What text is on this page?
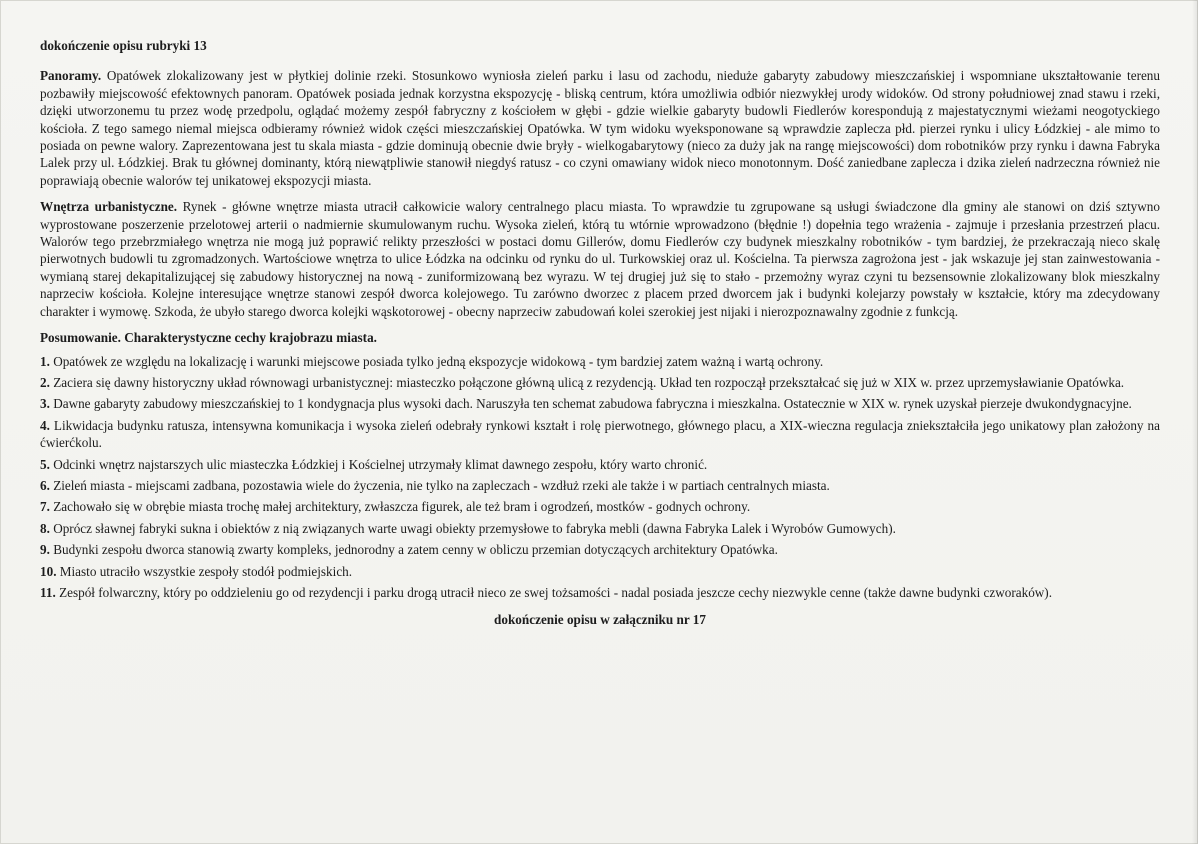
dokończenie opisu rubryki 13

Panoramy. Opatówek zlokalizowany jest w płytkiej dolinie rzeki. Stosunkowo wyniosła zieleń parku i lasu od zachodu, nieduże gabaryty zabudowy mieszczańskiej i wspomniane ukształtowanie terenu pozbawiły miejscowość efektownych panoram. Opatówek posiada jednak korzystna ekspozycję - bliską centrum, która umożliwia odbiór niezwykłej urody widoków. Od strony południowej znad stawu i rzeki, dzięki utworzonemu tu przez wodę przedpolu, oglądać możemy zespół fabryczny z kościołem w głębi - gdzie wielkie gabaryty budowli Fiedlerów korespondują z majestatycznymi wieżami neogotyckiego kościoła. Z tego samego niemal miejsca odbieramy również widok części mieszczańskiej Opatówka. W tym widoku wyeksponowane są wprawdzie zaplecza płd. pierzei rynku i ulicy Łódzkiej - ale mimo to posiada on pewne walory. Zaprezentowana jest tu skala miasta - gdzie dominują obecnie dwie bryły - wielkogabarytowy (nieco za duży jak na rangę miejscowości) dom robotników przy rynku i dawna Fabryka Lalek przy ul. Łódzkiej. Brak tu głównej dominanty, którą niewątpliwie stanowił niegdyś ratusz - co czyni omawiany widok nieco monotonnym. Dość zaniedbane zaplecza i dzika zieleń nadrzeczna również nie poprawiają obecnie walorów tej unikatowej ekspozycji miasta.

Wnętrza urbanistyczne. Rynek - główne wnętrze miasta utracił całkowicie walory centralnego placu miasta. To wprawdzie tu zgrupowane są usługi świadczone dla gminy ale stanowi on dziś sztywno wyprostowane poszerzenie przelotowej arterii o nadmiernie skumulowanym ruchu. Wysoka zieleń, którą tu wtórnie wprowadzono (błędnie !) dopełnia tego wrażenia - zajmuje i przesłania przestrzeń placu. Walorów tego przebrzmiałego wnętrza nie mogą już poprawić relikty przeszłości w postaci domu Gillerów, domu Fiedlerów czy budynek mieszkalny robotników - tym bardziej, że przekraczają nieco skalę pierwotnych budowli tu zgromadzonych. Wartościowe wnętrza to ulice Łódzka na odcinku od rynku do ul. Turkowskiej oraz ul. Kościelna. Ta pierwsza zagrożona jest - jak wskazuje jej stan zainwestowania - wymianą starej dekapitalizującej się zabudowy historycznej na nową - zuniformizowaną bez wyrazu. W tej drugiej już się to stało - przemożny wyraz czyni tu bezsensownie zlokalizowany blok mieszkalny naprzeciw kościoła. Kolejne interesujące wnętrze stanowi zespół dworca kolejowego. Tu zarówno dworzec z placem przed dworcem jak i budynki kolejarzy powstały w kształcie, który ma zdecydowany charakter i wymowę. Szkoda, że ubyło starego dworca kolejki wąskotorowej - obecny naprzeciw zabudowań kolei szerokiej jest nijaki i nierozpoznawalny zgodnie z funkcją.

Posumowanie. Charakterystyczne cechy krajobrazu miasta.
1. Opatówek ze względu na lokalizację i warunki miejscowe posiada tylko jedną ekspozycje widokową - tym bardziej zatem ważną i wartą ochrony.
2. Zaciera się dawny historyczny układ równowagi urbanistycznej: miasteczko połączone główną ulicą z rezydencją. Układ ten rozpoczął przekształcać się już w XIX w. przez uprzemysławianie Opatówka.
3. Dawne gabaryty zabudowy mieszczańskiej to 1 kondygnacja plus wysoki dach. Naruszyła ten schemat zabudowa fabryczna i mieszkalna. Ostatecznie w XIX w. rynek uzyskał pierzeje dwukondygnacyjne.
4. Likwidacja budynku ratusza, intensywna komunikacja i wysoka zieleń odebrały rynkowi kształt i rolę pierwotnego, głównego placu, a XIX-wieczna regulacja zniekształciła jego unikatowy plan założony na ćwierćkolu.
5. Odcinki wnętrz najstarszych ulic miasteczka Łódzkiej i Kościelnej utrzymały klimat dawnego zespołu, który warto chronić.
6. Zieleń miasta - miejscami zadbana, pozostawia wiele do życzenia, nie tylko na zapleczach - wzdłuż rzeki ale także i w partiach centralnych miasta.
7. Zachowało się w obrębie miasta trochę małej architektury, zwłaszcza figurek, ale też bram i ogrodzeń, mostków - godnych ochrony.
8. Oprócz sławnej fabryki sukna i obiektów z nią związanych warte uwagi obiekty przemysłowe to fabryka mebli (dawna Fabryka Lalek i Wyrobów Gumowych).
9. Budynki zespołu dworca stanowią zwarty kompleks, jednorodny a zatem cenny w obliczu przemian dotyczących architektury Opatówka.
10. Miasto utraciło wszystkie zespoły stodół podmiejskich.
11. Zespół folwarczny, który po oddzieleniu go od rezydencji i parku drogą utracił nieco ze swej tożsamości - nadal posiada jeszcze cechy niezwykle cenne (także dawne budynki czworaków).
dokończenie opisu w załączniku nr 17
